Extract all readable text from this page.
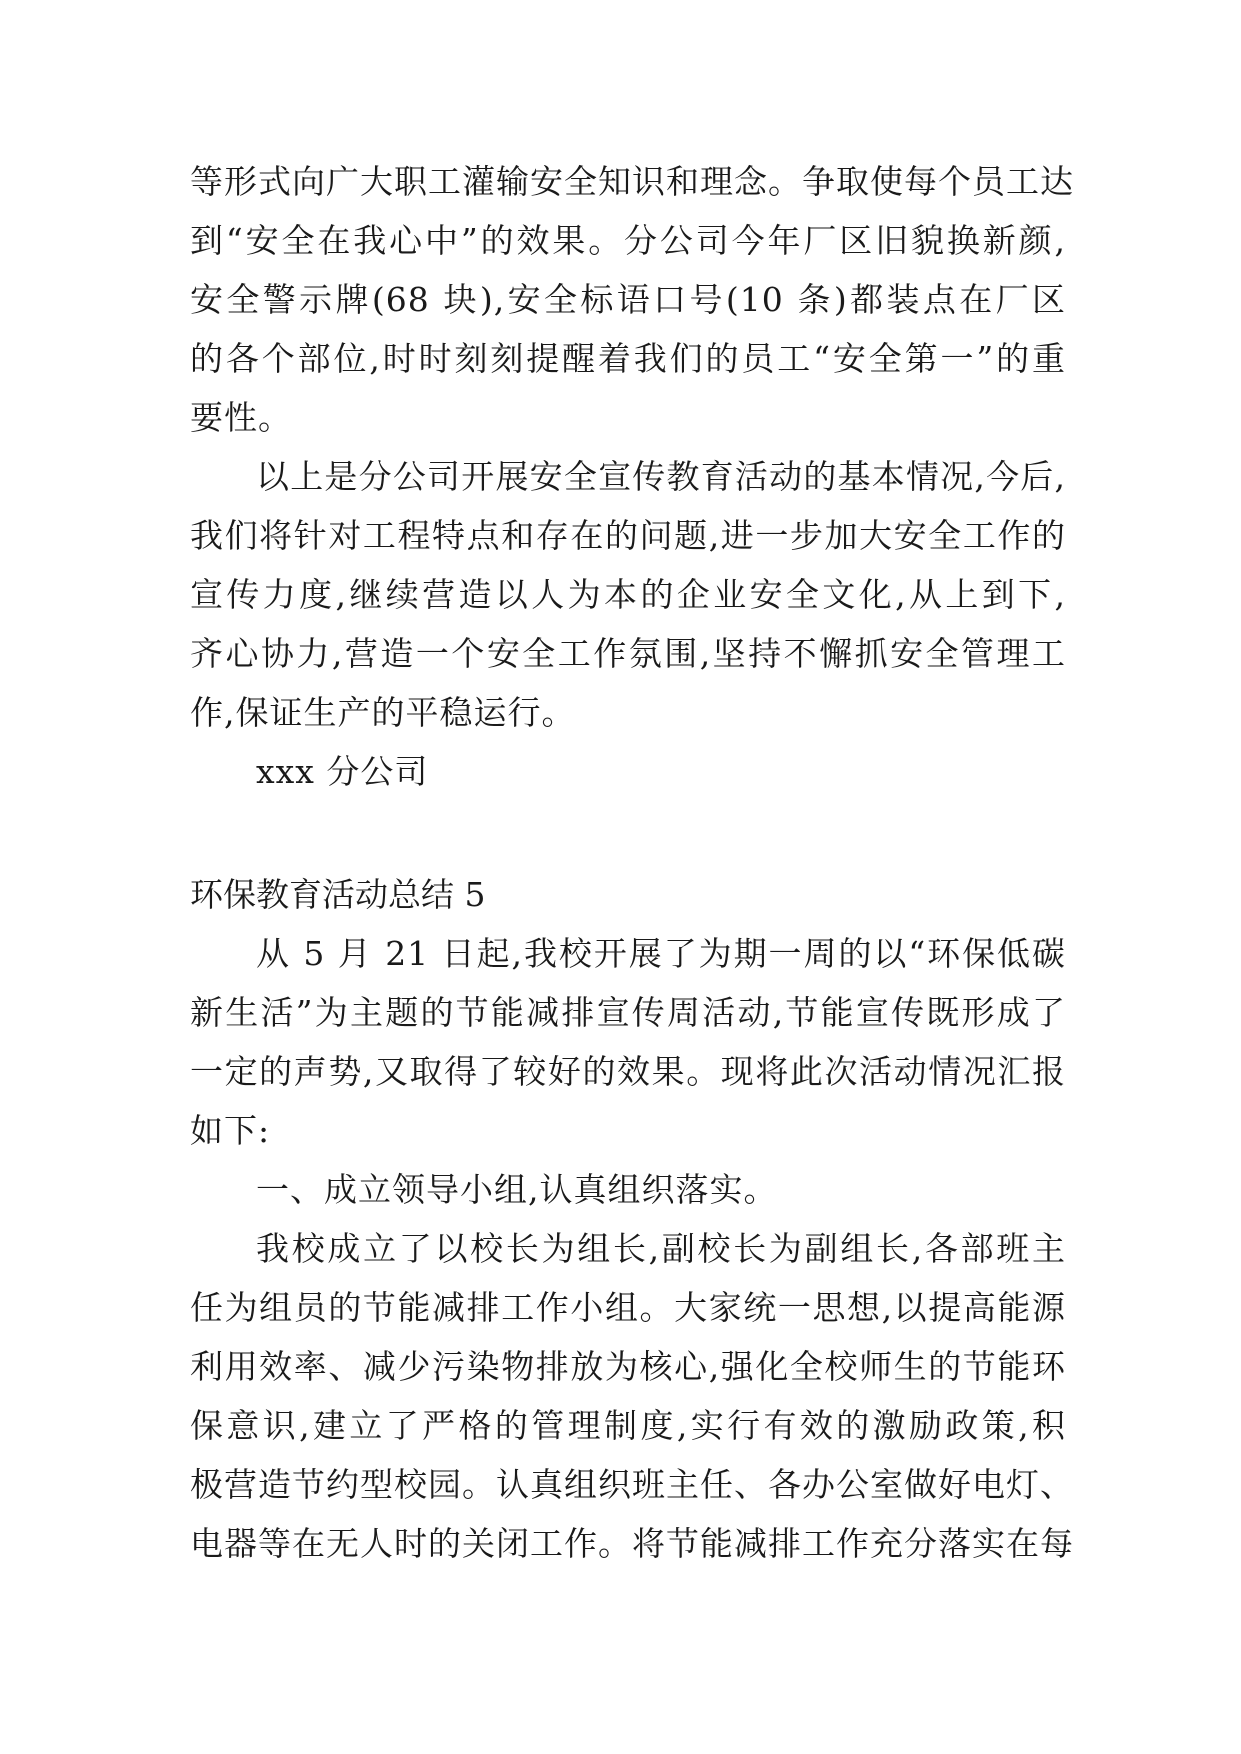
等形式向广大职工灌输安全知识和理念。争取使每个员工达
到“安全在我心中”的效果。分公司今年厂区旧貌换新颜,
安全警示牌(68 块),安全标语口号(10 条)都装点在厂区
的各个部位,时时刻刻提醒着我们的员工“安全第一”的重
要性。
以上是分公司开展安全宣传教育活动的基本情况,今后,
我们将针对工程特点和存在的问题,进一步加大安全工作的
宣传力度,继续营造以人为本的企业安全文化,从上到下,
齐心协力,营造一个安全工作氛围,坚持不懈抓安全管理工
作,保证生产的平稳运行。
xxx 分公司
环保教育活动总结 5
从 5 月 21 日起,我校开展了为期一周的以“环保低碳
新生活”为主题的节能减排宣传周活动,节能宣传既形成了
一定的声势,又取得了较好的效果。现将此次活动情况汇报
如下:
一、成立领导小组,认真组织落实。
我校成立了以校长为组长,副校长为副组长,各部班主
任为组员的节能减排工作小组。大家统一思想,以提高能源
利用效率、减少污染物排放为核心,强化全校师生的节能环
保意识,建立了严格的管理制度,实行有效的激励政策,积
极营造节约型校园。认真组织班主任、各办公室做好电灯、
电器等在无人时的关闭工作。将节能减排工作充分落实在每
